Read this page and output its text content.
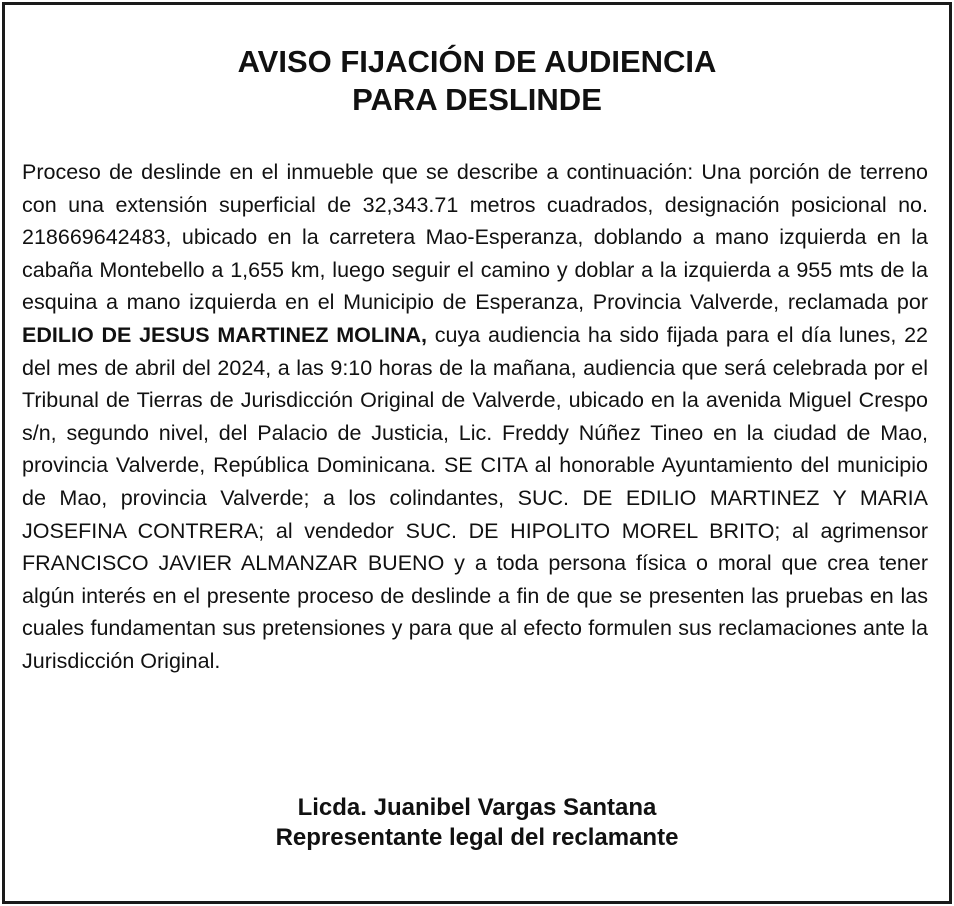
AVISO FIJACIÓN DE AUDIENCIA
PARA DESLINDE

Proceso de deslinde en el inmueble que se describe a continuación: Una porción de terreno con una extensión superficial de 32,343.71 metros cuadrados, designación posicional no. 218669642483, ubicado en la carretera Mao-Esperanza, doblando a mano izquierda en la cabaña Montebello a 1,655 km, luego seguir el camino y doblar a la izquierda a 955 mts de la esquina a mano izquierda en el Municipio de Esperanza, Provincia Valverde, reclamada por EDILIO DE JESUS MARTINEZ MOLINA, cuya audiencia ha sido fijada para el día lunes, 22 del mes de abril del 2024, a las 9:10 horas de la mañana, audiencia que será celebrada por el Tribunal de Tierras de Jurisdicción Original de Valverde, ubicado en la avenida Miguel Crespo s/n, segundo nivel, del Palacio de Justicia, Lic. Freddy Núñez Tineo en la ciudad de Mao, provincia Valverde, República Dominicana. SE CITA al honorable Ayuntamiento del municipio de Mao, provincia Valverde; a los colindantes, SUC. DE EDILIO MARTINEZ Y MARIA JOSEFINA CONTRERA; al vendedor SUC. DE HIPOLITO MOREL BRITO; al agrimensor FRANCISCO JAVIER ALMANZAR BUENO y a toda persona física o moral que crea tener algún interés en el presente proceso de deslinde a fin de que se presenten las pruebas en las cuales fundamentan sus pretensiones y para que al efecto formulen sus reclamaciones ante la Jurisdicción Original.

Licda. Juanibel Vargas Santana
Representante legal del reclamante
